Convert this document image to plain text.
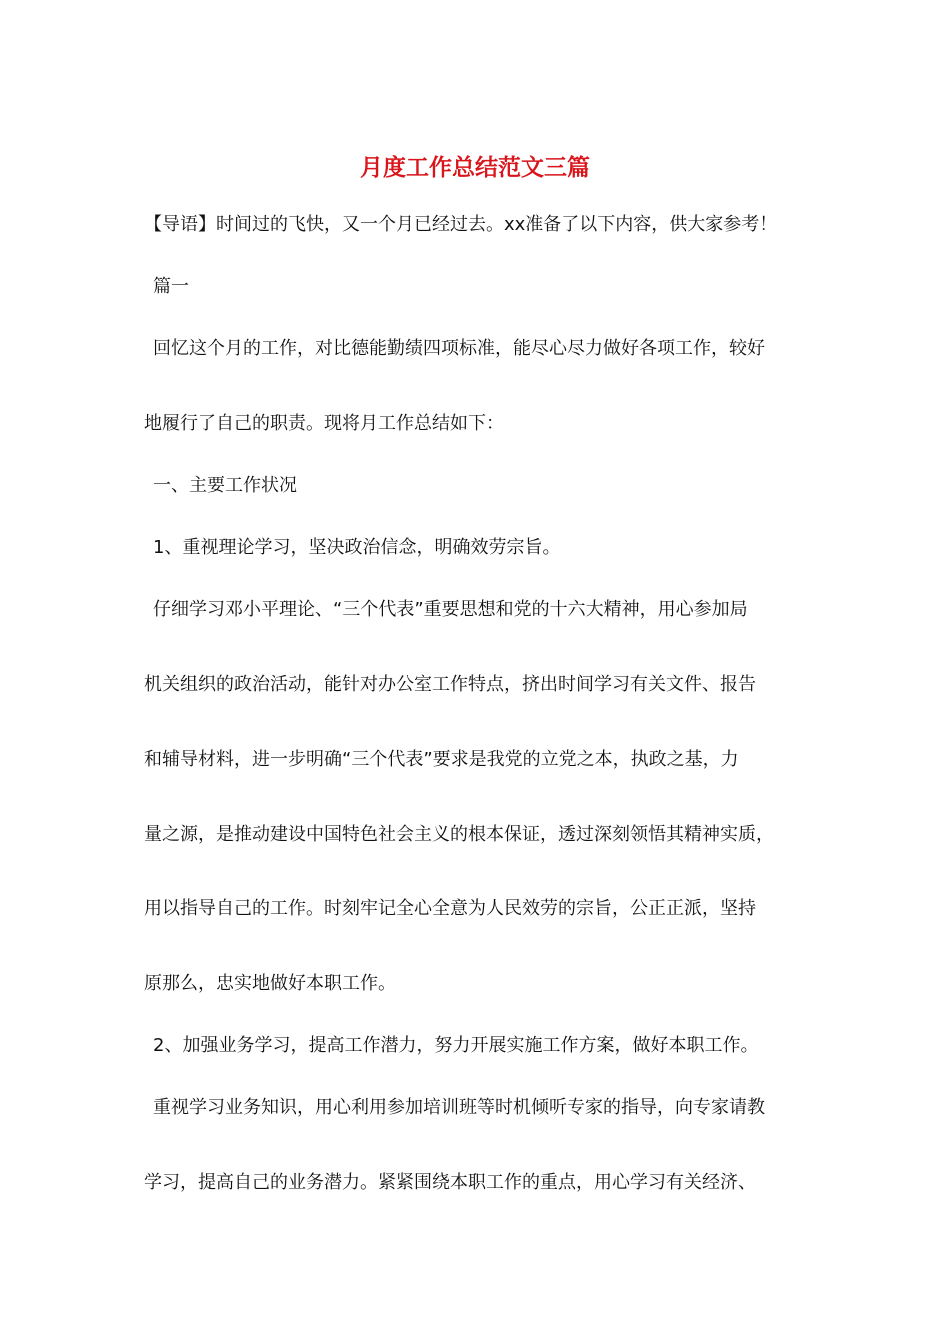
月度工作总结范文三篇
【导语】时间过的飞快，又一个月已经过去。xx准备了以下内容，供大家参考！
篇一
回忆这个月的工作，对比德能勤绩四项标准，能尽心尽力做好各项工作，较好
地履行了自己的职责。现将月工作总结如下：
一、主要工作状况
1、重视理论学习，坚决政治信念，明确效劳宗旨。
仔细学习邓小平理论、“三个代表”重要思想和党的十六大精神，用心参加局
机关组织的政治活动，能针对办公室工作特点，挤出时间学习有关文件、报告
和辅导材料，进一步明确“三个代表”要求是我党的立党之本，执政之基，力
量之源，是推动建设中国特色社会主义的根本保证，透过深刻领悟其精神实质，
用以指导自己的工作。时刻牢记全心全意为人民效劳的宗旨，公正正派，坚持
原那么，忠实地做好本职工作。
2、加强业务学习，提高工作潜力，努力开展实施工作方案，做好本职工作。
重视学习业务知识，用心利用参加培训班等时机倾听专家的指导，向专家请教
学习，提高自己的业务潜力。紧紧围绕本职工作的重点，用心学习有关经济、
